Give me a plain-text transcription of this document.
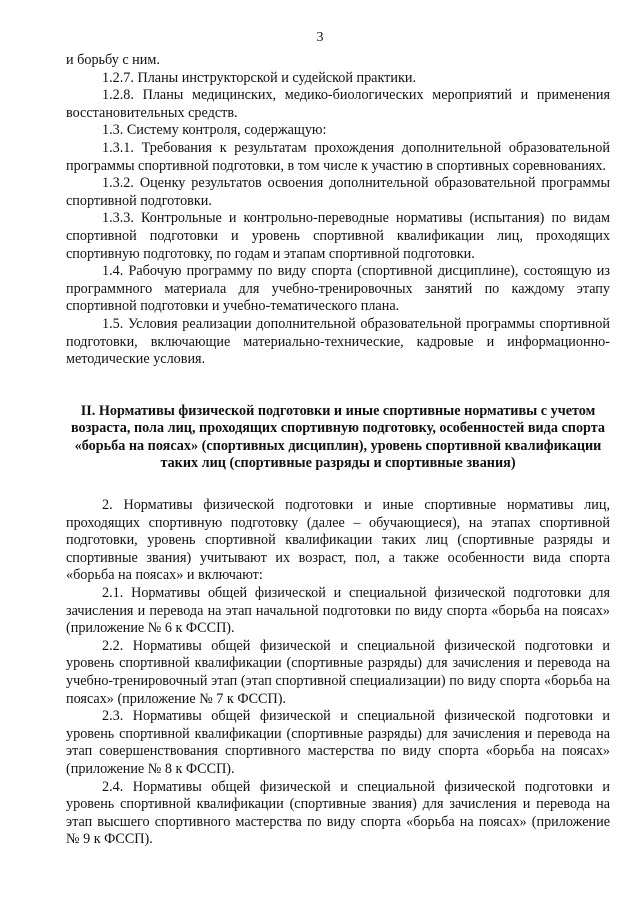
3

и борьбу с ним.

1.2.7. Планы инструкторской и судейской практики.

1.2.8. Планы медицинских, медико-биологических мероприятий и применения восстановительных средств.

1.3. Систему контроля, содержащую:

1.3.1. Требования к результатам прохождения дополнительной образовательной программы спортивной подготовки, в том числе к участию в спортивных соревнованиях.

1.3.2. Оценку результатов освоения дополнительной образовательной программы спортивной подготовки.

1.3.3. Контрольные и контрольно-переводные нормативы (испытания) по видам спортивной подготовки и уровень спортивной квалификации лиц, проходящих спортивную подготовку, по годам и этапам спортивной подготовки.

1.4. Рабочую программу по виду спорта (спортивной дисциплине), состоящую из программного материала для учебно-тренировочных занятий по каждому этапу спортивной подготовки и учебно-тематического плана.

1.5. Условия реализации дополнительной образовательной программы спортивной подготовки, включающие материально-технические, кадровые и информационно-методические условия.

II. Нормативы физической подготовки и иные спортивные нормативы с учетом возраста, пола лиц, проходящих спортивную подготовку, особенностей вида спорта «борьба на поясах» (спортивных дисциплин), уровень спортивной квалификации таких лиц (спортивные разряды и спортивные звания)

2. Нормативы физической подготовки и иные спортивные нормативы лиц, проходящих спортивную подготовку (далее – обучающиеся), на этапах спортивной подготовки, уровень спортивной квалификации таких лиц (спортивные разряды и спортивные звания) учитывают их возраст, пол, а также особенности вида спорта «борьба на поясах» и включают:

2.1. Нормативы общей физической и специальной физической подготовки для зачисления и перевода на этап начальной подготовки по виду спорта «борьба на поясах» (приложение № 6 к ФССП).

2.2. Нормативы общей физической и специальной физической подготовки и уровень спортивной квалификации (спортивные разряды) для зачисления и перевода на учебно-тренировочный этап (этап спортивной специализации) по виду спорта «борьба на поясах» (приложение № 7 к ФССП).

2.3. Нормативы общей физической и специальной физической подготовки и уровень спортивной квалификации (спортивные разряды) для зачисления и перевода на этап совершенствования спортивного мастерства по виду спорта «борьба на поясах» (приложение № 8 к ФССП).

2.4. Нормативы общей физической и специальной физической подготовки и уровень спортивной квалификации (спортивные звания) для зачисления и перевода на этап высшего спортивного мастерства по виду спорта «борьба на поясах» (приложение № 9 к ФССП).
